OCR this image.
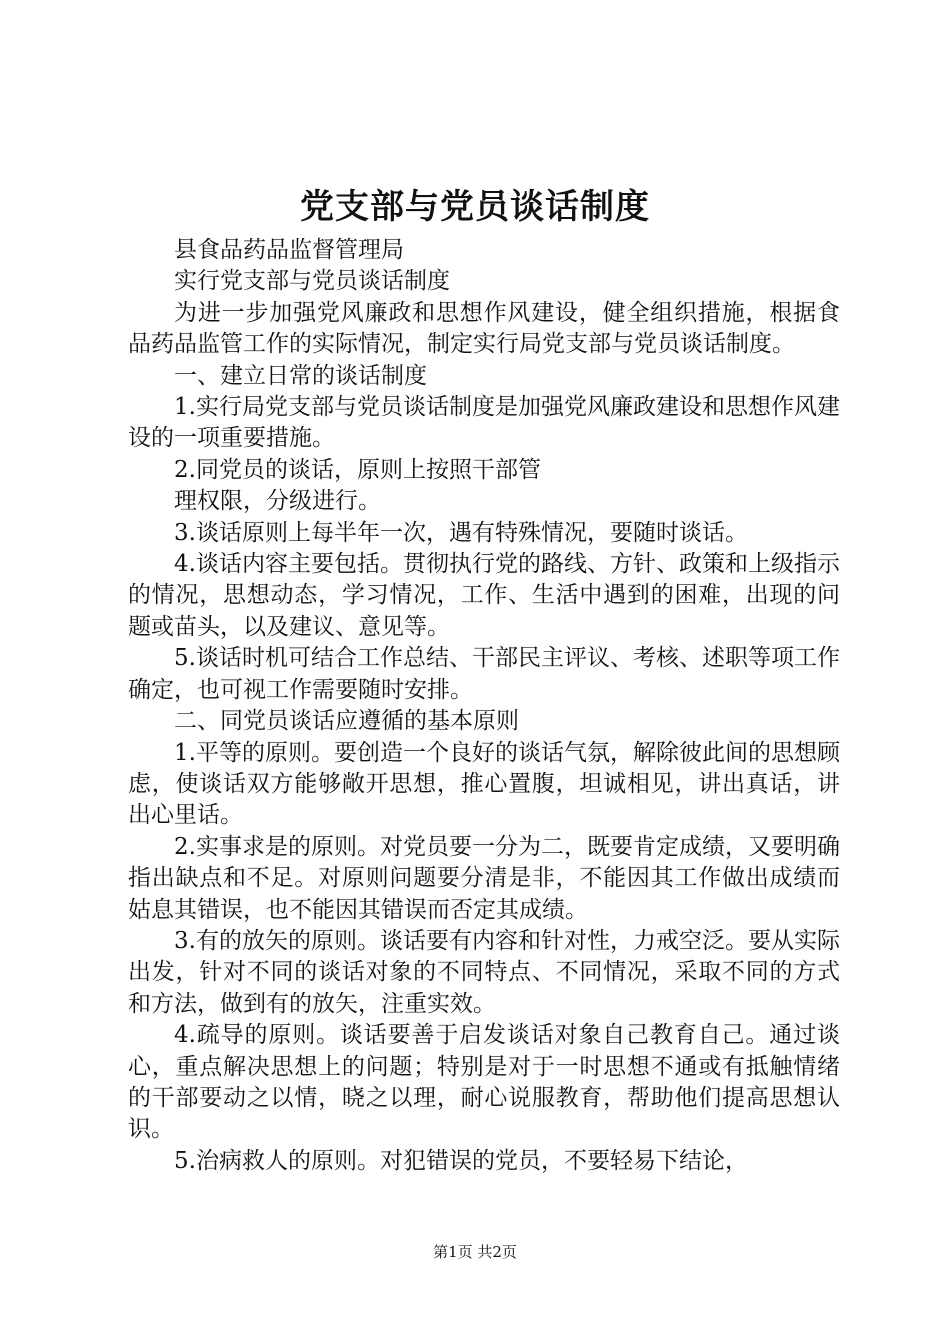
党支部与党员谈话制度

县食品药品监督管理局

实行党支部与党员谈话制度

为进一步加强党风廉政和思想作风建设，健全组织措施，根据食品药品监管工作的实际情况，制定实行局党支部与党员谈话制度。

一、建立日常的谈话制度

1.实行局党支部与党员谈话制度是加强党风廉政建设和思想作风建设的一项重要措施。

2.同党员的谈话，原则上按照干部管

理权限，分级进行。

3.谈话原则上每半年一次，遇有特殊情况，要随时谈话。

4.谈话内容主要包括。贯彻执行党的路线、方针、政策和上级指示的情况，思想动态，学习情况，工作、生活中遇到的困难，出现的问题或苗头，以及建议、意见等。

5.谈话时机可结合工作总结、干部民主评议、考核、述职等项工作确定，也可视工作需要随时安排。

二、同党员谈话应遵循的基本原则

1.平等的原则。要创造一个良好的谈话气氛，解除彼此间的思想顾虑，使谈话双方能够敞开思想，推心置腹，坦诚相见，讲出真话，讲出心里话。

2.实事求是的原则。对党员要一分为二，既要肯定成绩，又要明确指出缺点和不足。对原则问题要分清是非，不能因其工作做出成绩而姑息其错误，也不能因其错误而否定其成绩。

3.有的放矢的原则。谈话要有内容和针对性，力戒空泛。要从实际出发，针对不同的谈话对象的不同特点、不同情况，采取不同的方式和方法，做到有的放矢，注重实效。

4.疏导的原则。谈话要善于启发谈话对象自己教育自己。通过谈心，重点解决思想上的问题；特别是对于一时思想不通或有抵触情绪的干部要动之以情，晓之以理，耐心说服教育，帮助他们提高思想认识。

5.治病救人的原则。对犯错误的党员，不要轻易下结论，

第1页 共2页
